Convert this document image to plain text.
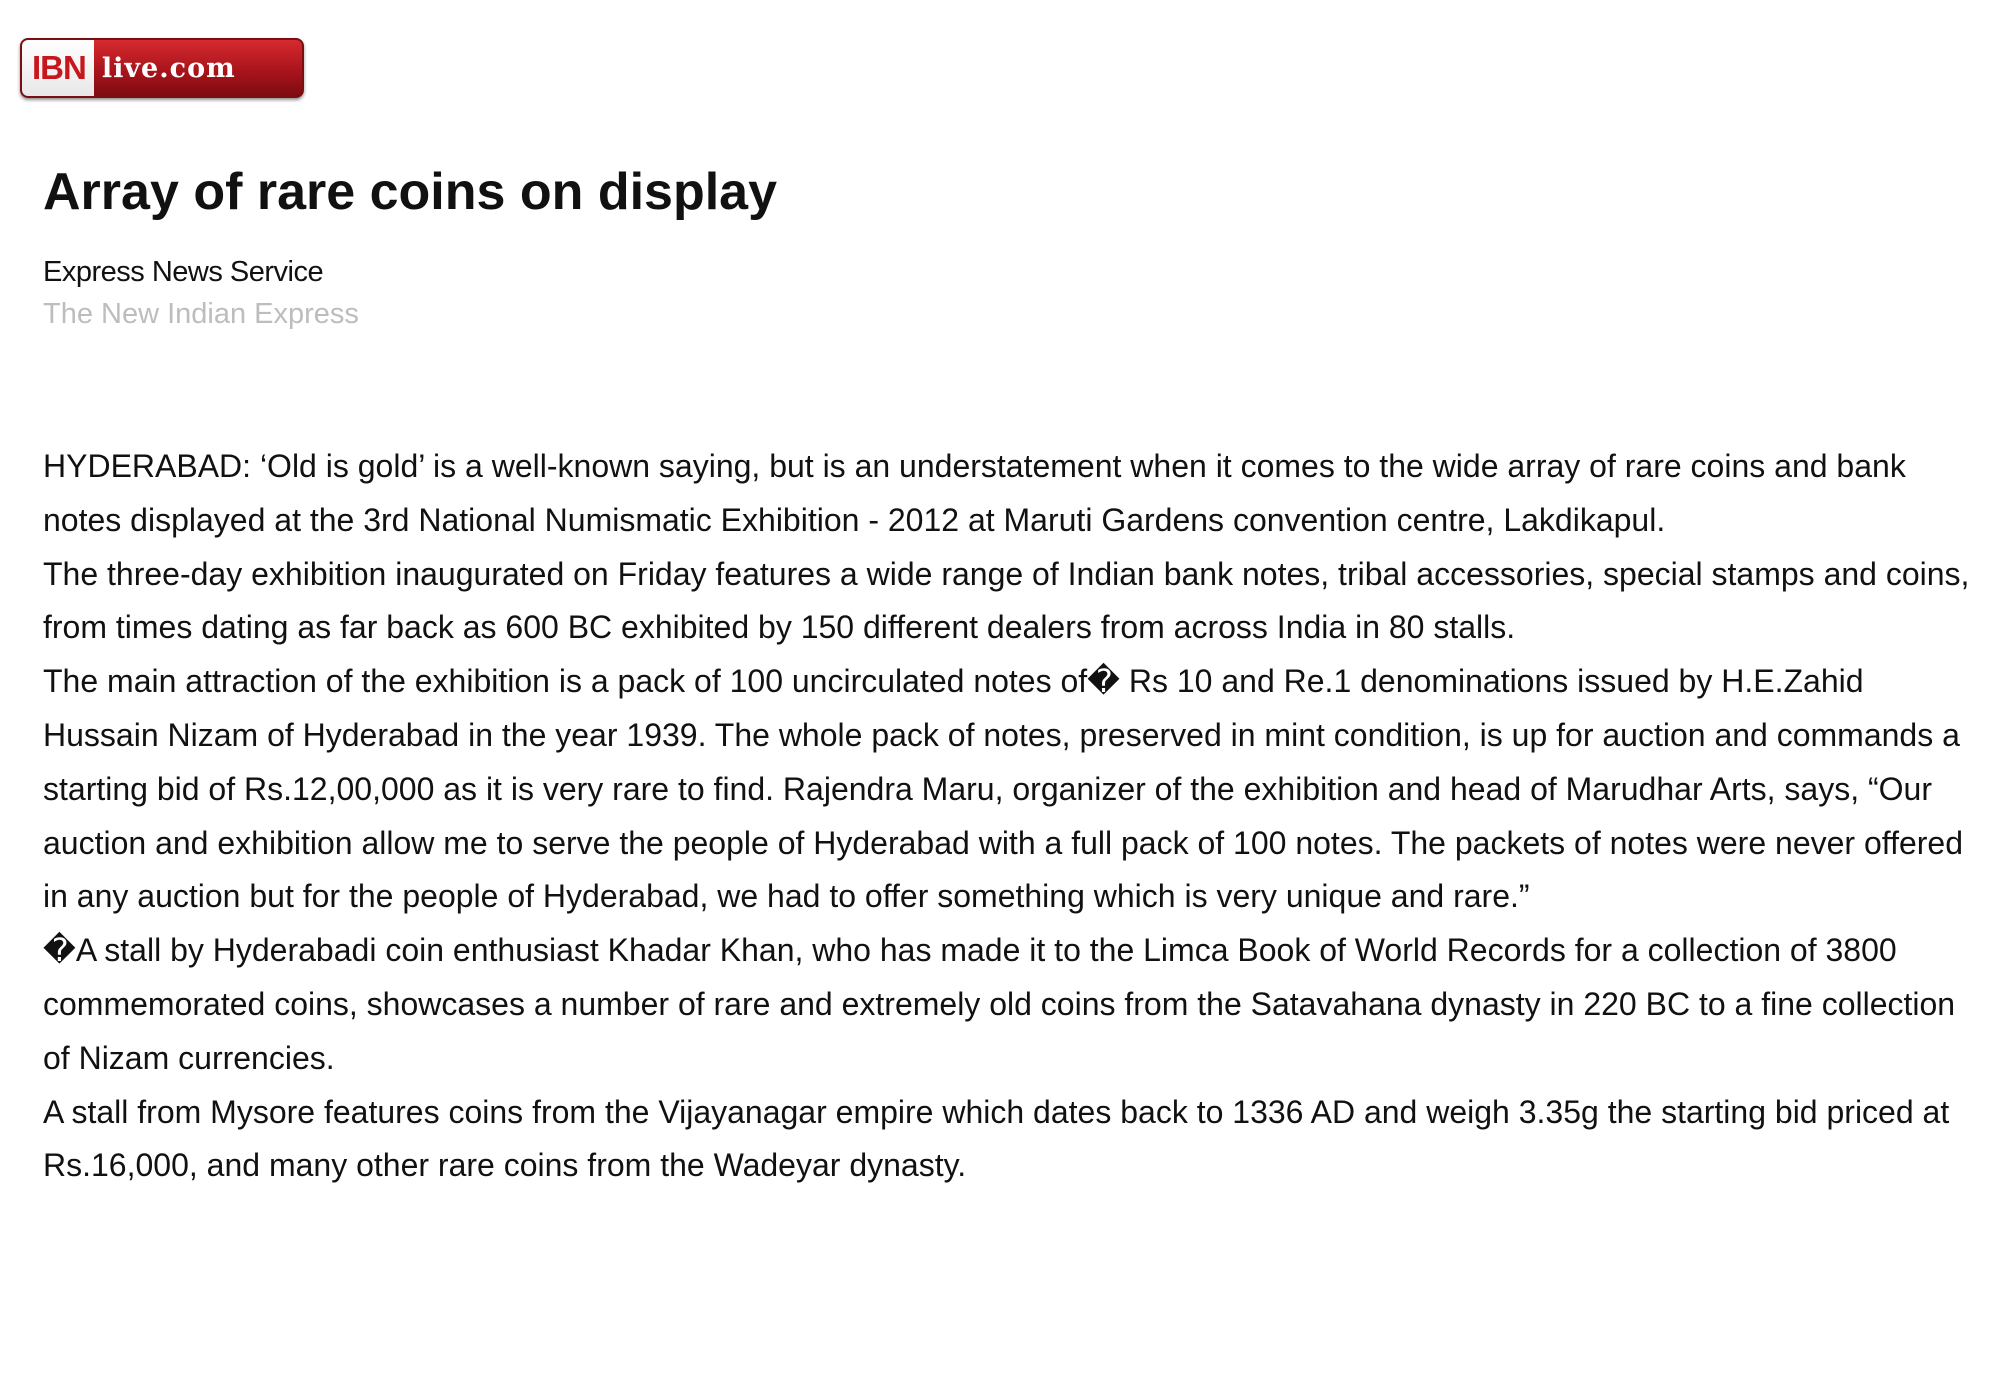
IBN live.com
Array of rare coins on display
Express News Service
The New Indian Express

HYDERABAD: ‘Old is gold’ is a well-known saying, but is an understatement when it comes to the wide array of rare coins and bank notes displayed at the 3rd National Numismatic Exhibition - 2012 at Maruti Gardens convention centre, Lakdikapul.

The three-day exhibition inaugurated on Friday features a wide range of Indian bank notes, tribal accessories, special stamps and coins, from times dating as far back as 600 BC exhibited by 150 different dealers from across India in 80 stalls.

The main attraction of the exhibition is a pack of 100 uncirculated notes of� Rs 10 and Re.1 denominations issued by H.E.Zahid Hussain Nizam of Hyderabad in the year 1939. The whole pack of notes, preserved in mint condition, is up for auction and commands a starting bid of Rs.12,00,000 as it is very rare to find. Rajendra Maru, organizer of the exhibition and head of Marudhar Arts, says, “Our auction and exhibition allow me to serve the people of Hyderabad with a full pack of 100 notes. The packets of notes were never offered in any auction but for the people of Hyderabad, we had to offer something which is very unique and rare.”

�A stall by Hyderabadi coin enthusiast Khadar Khan, who has made it to the Limca Book of World Records for a collection of 3800 commemorated coins, showcases a number of rare and extremely old coins from the Satavahana dynasty in 220 BC to a fine collection of Nizam currencies.

A stall from Mysore features coins from the Vijayanagar empire which dates back to 1336 AD and weigh 3.35g the starting bid priced at Rs.16,000, and many other rare coins from the Wadeyar dynasty.
